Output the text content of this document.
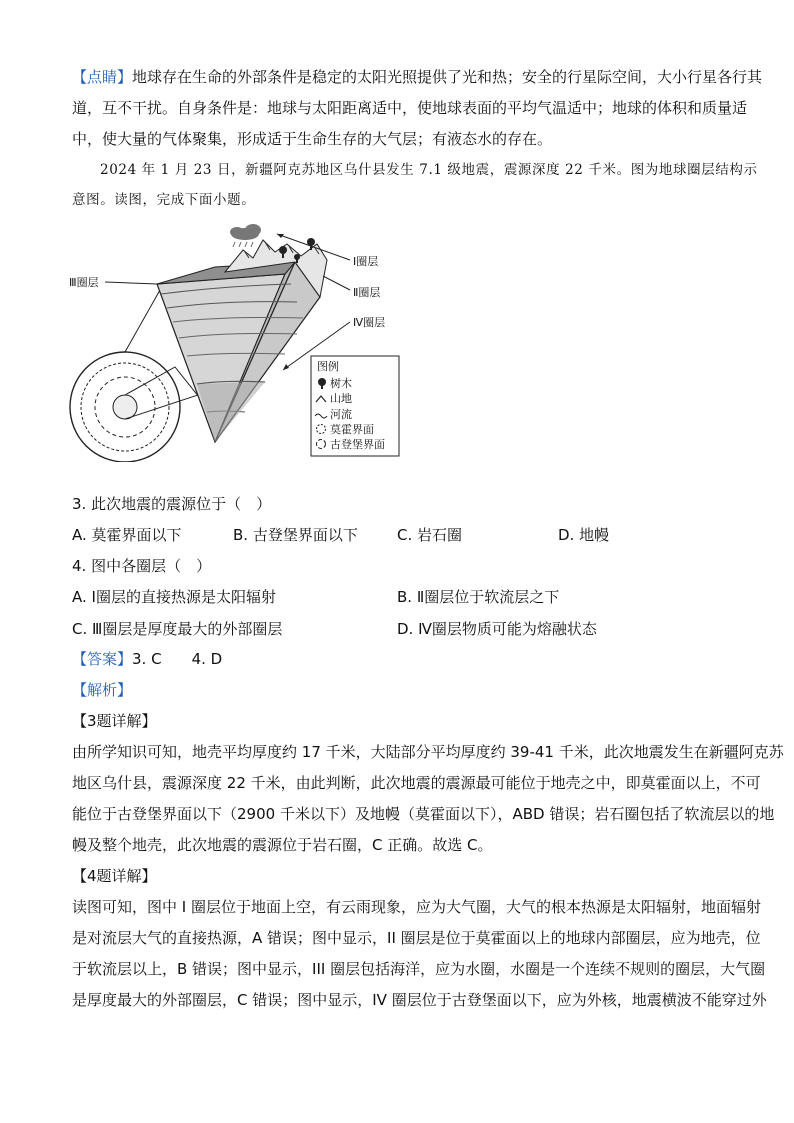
【点睛】地球存在生命的外部条件是稳定的太阳光照提供了光和热；安全的行星际空间，大小行星各行其
道，互不干扰。自身条件是：地球与太阳距离适中，使地球表面的平均气温适中；地球的体积和质量适
中，使大量的气体聚集，形成适于生命生存的大气层；有液态水的存在。
2024 年 1 月 23 日，新疆阿克苏地区乌什县发生 7.1 级地震，震源深度 22 千米。图为地球圈层结构示
意图。读图，完成下面小题。
Ⅰ圈层
Ⅱ圈层
Ⅲ圈层
Ⅳ圈层
图例
树木
山地
河流
莫霍界面
古登堡界面
3. 此次地震的震源位于（　）
A. 莫霍界面以下	B. 古登堡界面以下	C. 岩石圈	D. 地幔
4. 图中各圈层（　）
A. Ⅰ圈层的直接热源是太阳辐射	B. Ⅱ圈层位于软流层之下
C. Ⅲ圈层是厚度最大的外部圈层	D. Ⅳ圈层物质可能为熔融状态
【答案】3. C　　4. D
【解析】
【3题详解】
由所学知识可知，地壳平均厚度约 17 千米，大陆部分平均厚度约 39-41 千米，此次地震发生在新疆阿克苏
地区乌什县，震源深度 22 千米，由此判断，此次地震的震源最可能位于地壳之中，即莫霍面以上，不可
能位于古登堡界面以下（2900 千米以下）及地幔（莫霍面以下），ABD 错误；岩石圈包括了软流层以的地
幔及整个地壳，此次地震的震源位于岩石圈，C 正确。故选 C。
【4题详解】
读图可知，图中 I 圈层位于地面上空，有云雨现象，应为大气圈，大气的根本热源是太阳辐射，地面辐射
是对流层大气的直接热源，A 错误；图中显示，II 圈层是位于莫霍面以上的地球内部圈层，应为地壳，位
于软流层以上，B 错误；图中显示，III 圈层包括海洋，应为水圈，水圈是一个连续不规则的圈层，大气圈
是厚度最大的外部圈层，C 错误；图中显示，IV 圈层位于古登堡面以下，应为外核，地震横波不能穿过外
